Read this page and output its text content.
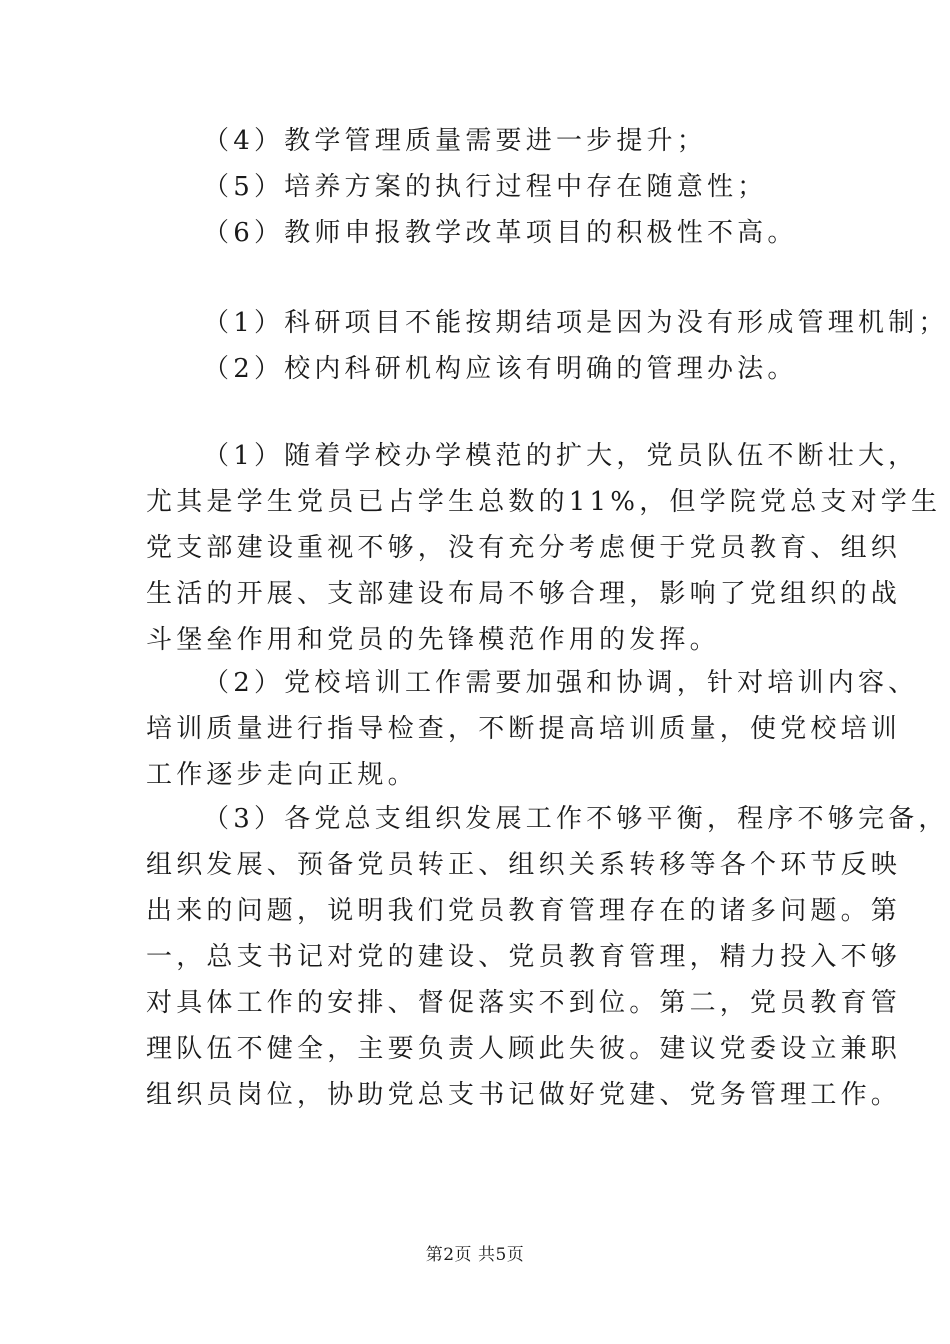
（4）教学管理质量需要进一步提升；
（5）培养方案的执行过程中存在随意性；
（6）教师申报教学改革项目的积极性不高。
（1）科研项目不能按期结项是因为没有形成管理机制；
（2）校内科研机构应该有明确的管理办法。
（1）随着学校办学模范的扩大，党员队伍不断壮大，
尤其是学生党员已占学生总数的11%，但学院党总支对学生
党支部建设重视不够，没有充分考虑便于党员教育、组织
生活的开展、支部建设布局不够合理，影响了党组织的战
斗堡垒作用和党员的先锋模范作用的发挥。
（2）党校培训工作需要加强和协调，针对培训内容、
培训质量进行指导检查，不断提高培训质量，使党校培训
工作逐步走向正规。
（3）各党总支组织发展工作不够平衡，程序不够完备，
组织发展、预备党员转正、组织关系转移等各个环节反映
出来的问题，说明我们党员教育管理存在的诸多问题。第
一，总支书记对党的建设、党员教育管理，精力投入不够
对具体工作的安排、督促落实不到位。第二，党员教育管
理队伍不健全，主要负责人顾此失彼。建议党委设立兼职
组织员岗位，协助党总支书记做好党建、党务管理工作。
第2页 共5页
